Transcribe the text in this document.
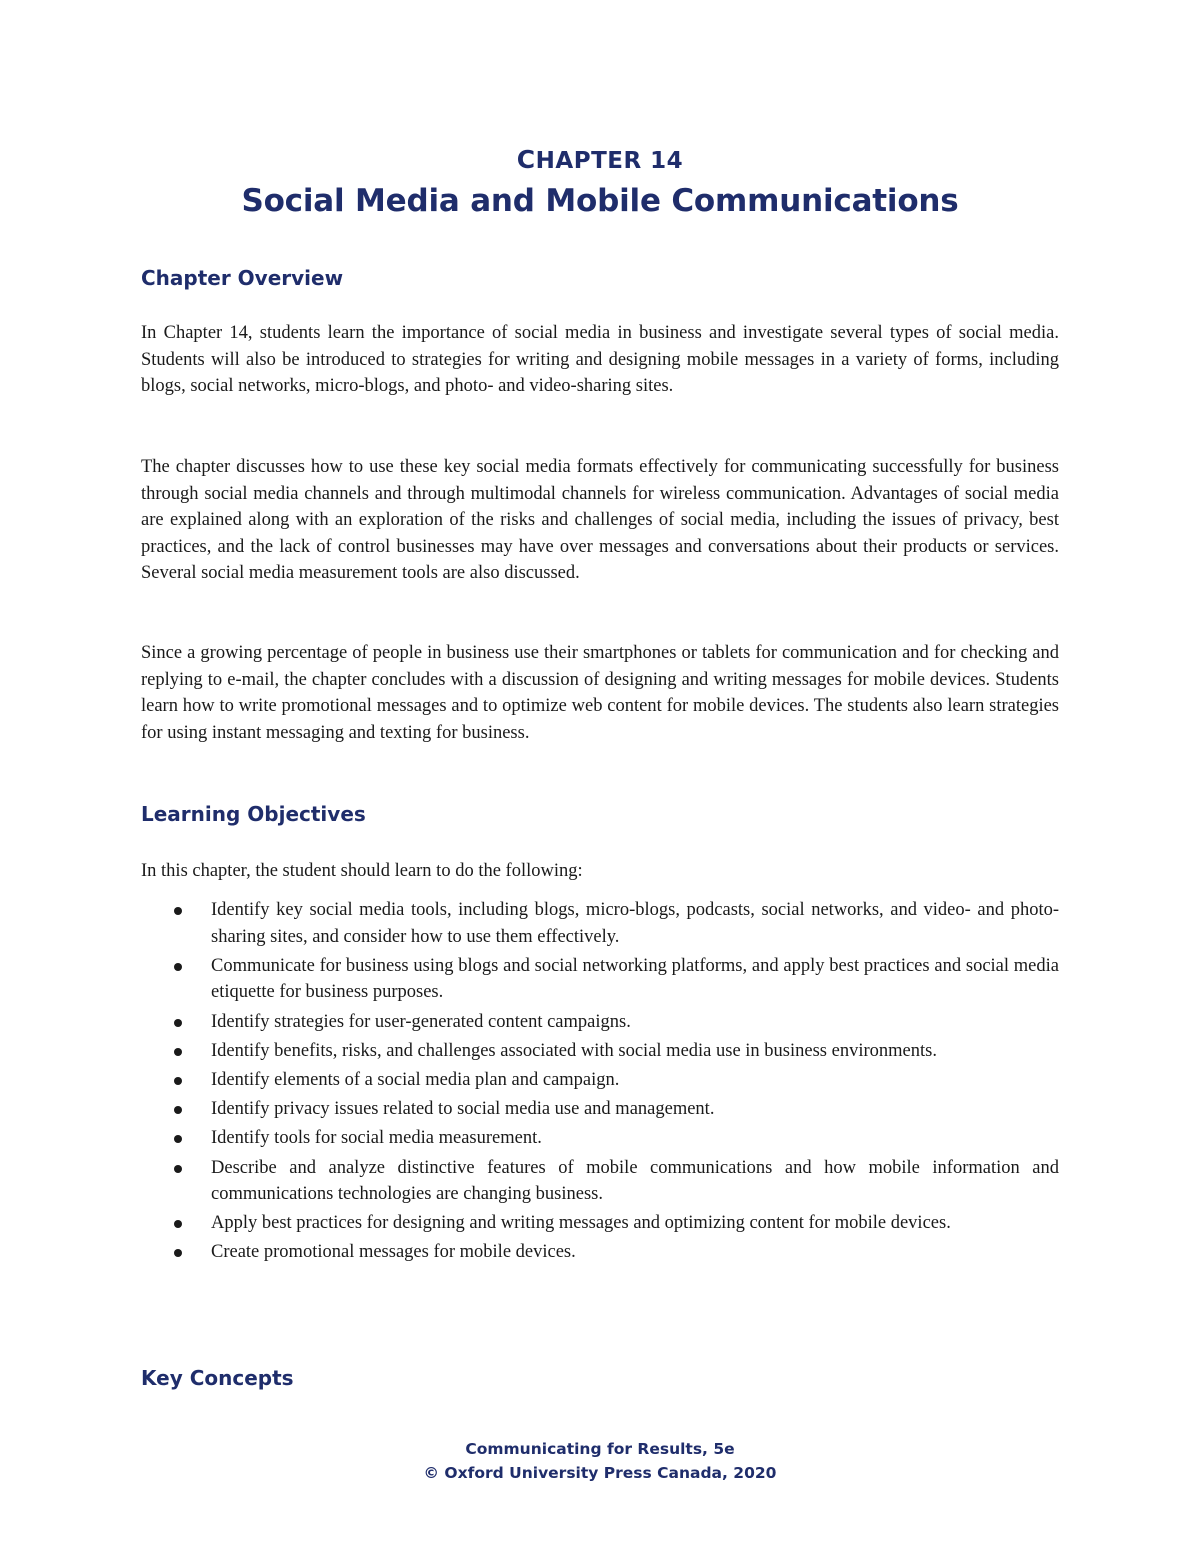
CHAPTER 14
Social Media and Mobile Communications
Chapter Overview

In Chapter 14, students learn the importance of social media in business and investigate several types of social media. Students will also be introduced to strategies for writing and designing mobile messages in a variety of forms, including blogs, social networks, micro-blogs, and photo- and video-sharing sites.

The chapter discusses how to use these key social media formats effectively for communicating successfully for business through social media channels and through multimodal channels for wireless communication. Advantages of social media are explained along with an exploration of the risks and challenges of social media, including the issues of privacy, best practices, and the lack of control businesses may have over messages and conversations about their products or services. Several social media measurement tools are also discussed.

Since a growing percentage of people in business use their smartphones or tablets for communication and for checking and replying to e-mail, the chapter concludes with a discussion of designing and writing messages for mobile devices. Students learn how to write promotional messages and to optimize web content for mobile devices. The students also learn strategies for using instant messaging and texting for business.

Learning Objectives

In this chapter, the student should learn to do the following:

Identify key social media tools, including blogs, micro-blogs, podcasts, social networks, and video- and photo-sharing sites, and consider how to use them effectively.
Communicate for business using blogs and social networking platforms, and apply best practices and social media etiquette for business purposes.
Identify strategies for user-generated content campaigns.
Identify benefits, risks, and challenges associated with social media use in business environments.
Identify elements of a social media plan and campaign.
Identify privacy issues related to social media use and management.
Identify tools for social media measurement.
Describe and analyze distinctive features of mobile communications and how mobile information and communications technologies are changing business.
Apply best practices for designing and writing messages and optimizing content for mobile devices.
Create promotional messages for mobile devices.
Key Concepts
Communicating for Results, 5e
© Oxford University Press Canada, 2020
